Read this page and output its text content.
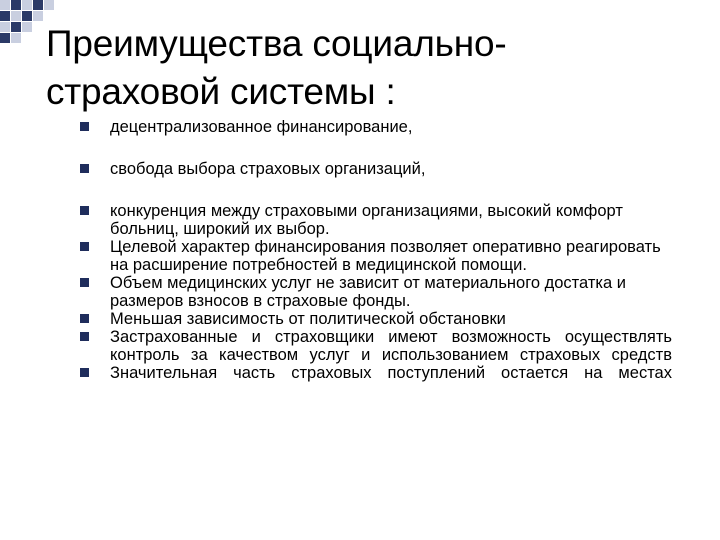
Преимущества социально-
страховой системы :
децентрализованное финансирование,
свобода выбора страховых организаций,
конкуренция между страховыми организациями, высокий комфорт больниц, широкий их выбор.
Целевой характер финансирования позволяет оперативно реагировать на расширение потребностей в медицинской помощи.
Объем медицинских услуг не зависит от материального достатка и размеров взносов в страховые фонды.
Меньшая зависимость от политической обстановки
Застрахованные и страховщики имеют возможность осуществлять контроль за качеством услуг и использованием страховых средств
Значительная часть страховых поступлений остается на местах
